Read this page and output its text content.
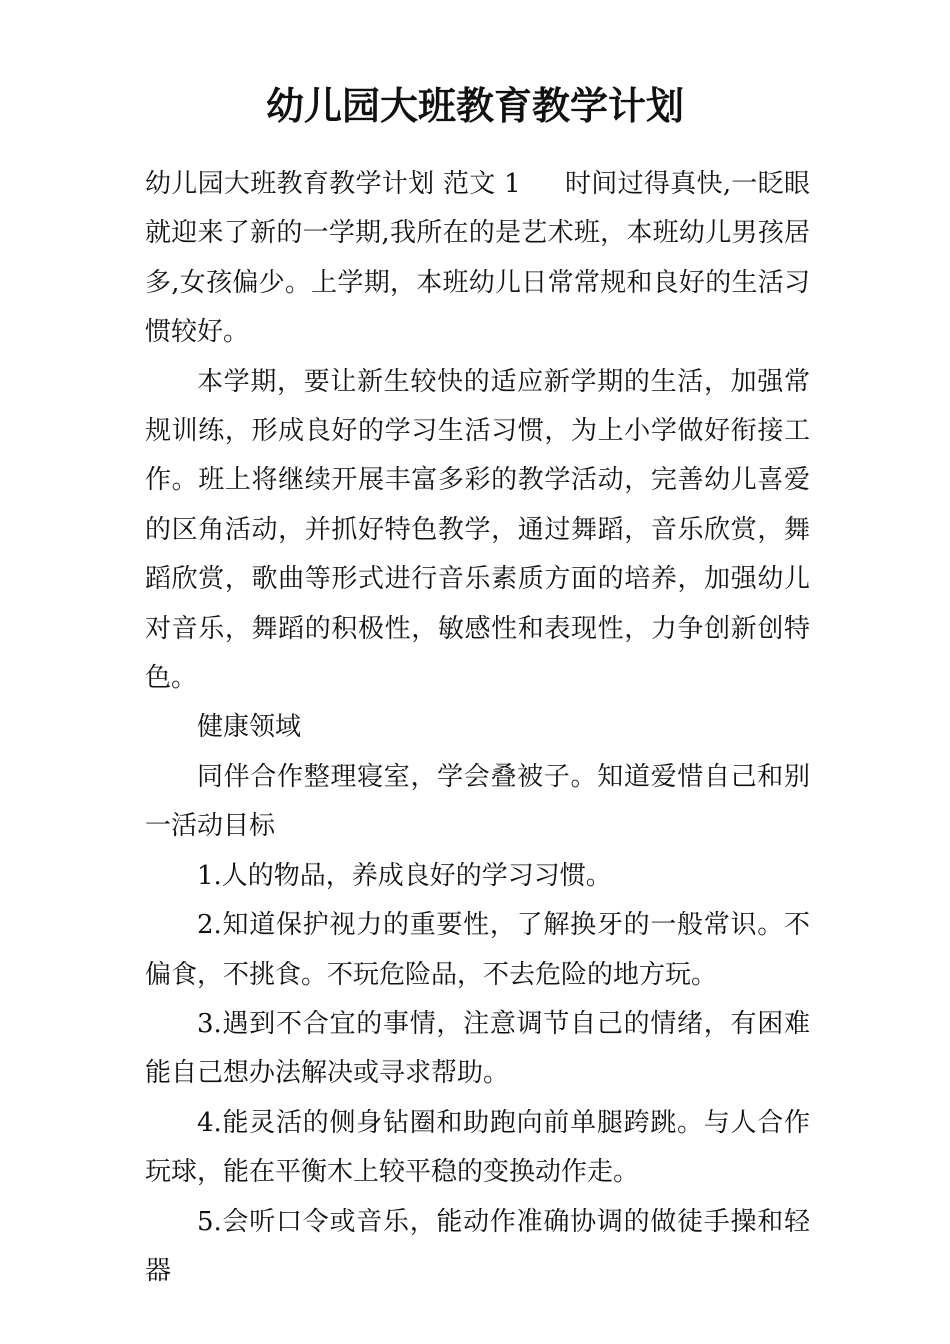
幼儿园大班教育教学计划

幼儿园大班教育教学计划 范文 1 时间过得真快,一眨眼就迎来了新的一学期,我所在的是艺术班，本班幼儿男孩居多,女孩偏少。上学期，本班幼儿日常常规和良好的生活习惯较好。

本学期，要让新生较快的适应新学期的生活，加强常规训练，形成良好的学习生活习惯，为上小学做好衔接工作。班上将继续开展丰富多彩的教学活动，完善幼儿喜爱的区角活动，并抓好特色教学，通过舞蹈，音乐欣赏，舞蹈欣赏，歌曲等形式进行音乐素质方面的培养，加强幼儿对音乐，舞蹈的积极性，敏感性和表现性，力争创新创特色。

健康领域

同伴合作整理寝室，学会叠被子。知道爱惜自己和别一活动目标

1.人的物品，养成良好的学习习惯。

2.知道保护视力的重要性，了解换牙的一般常识。不偏食，不挑食。不玩危险品，不去危险的地方玩。

3.遇到不合宜的事情，注意调节自己的情绪，有困难能自己想办法解决或寻求帮助。

4.能灵活的侧身钻圈和助跑向前单腿跨跳。与人合作玩球，能在平衡木上较平稳的变换动作走。

5.会听口令或音乐，能动作准确协调的做徒手操和轻器
